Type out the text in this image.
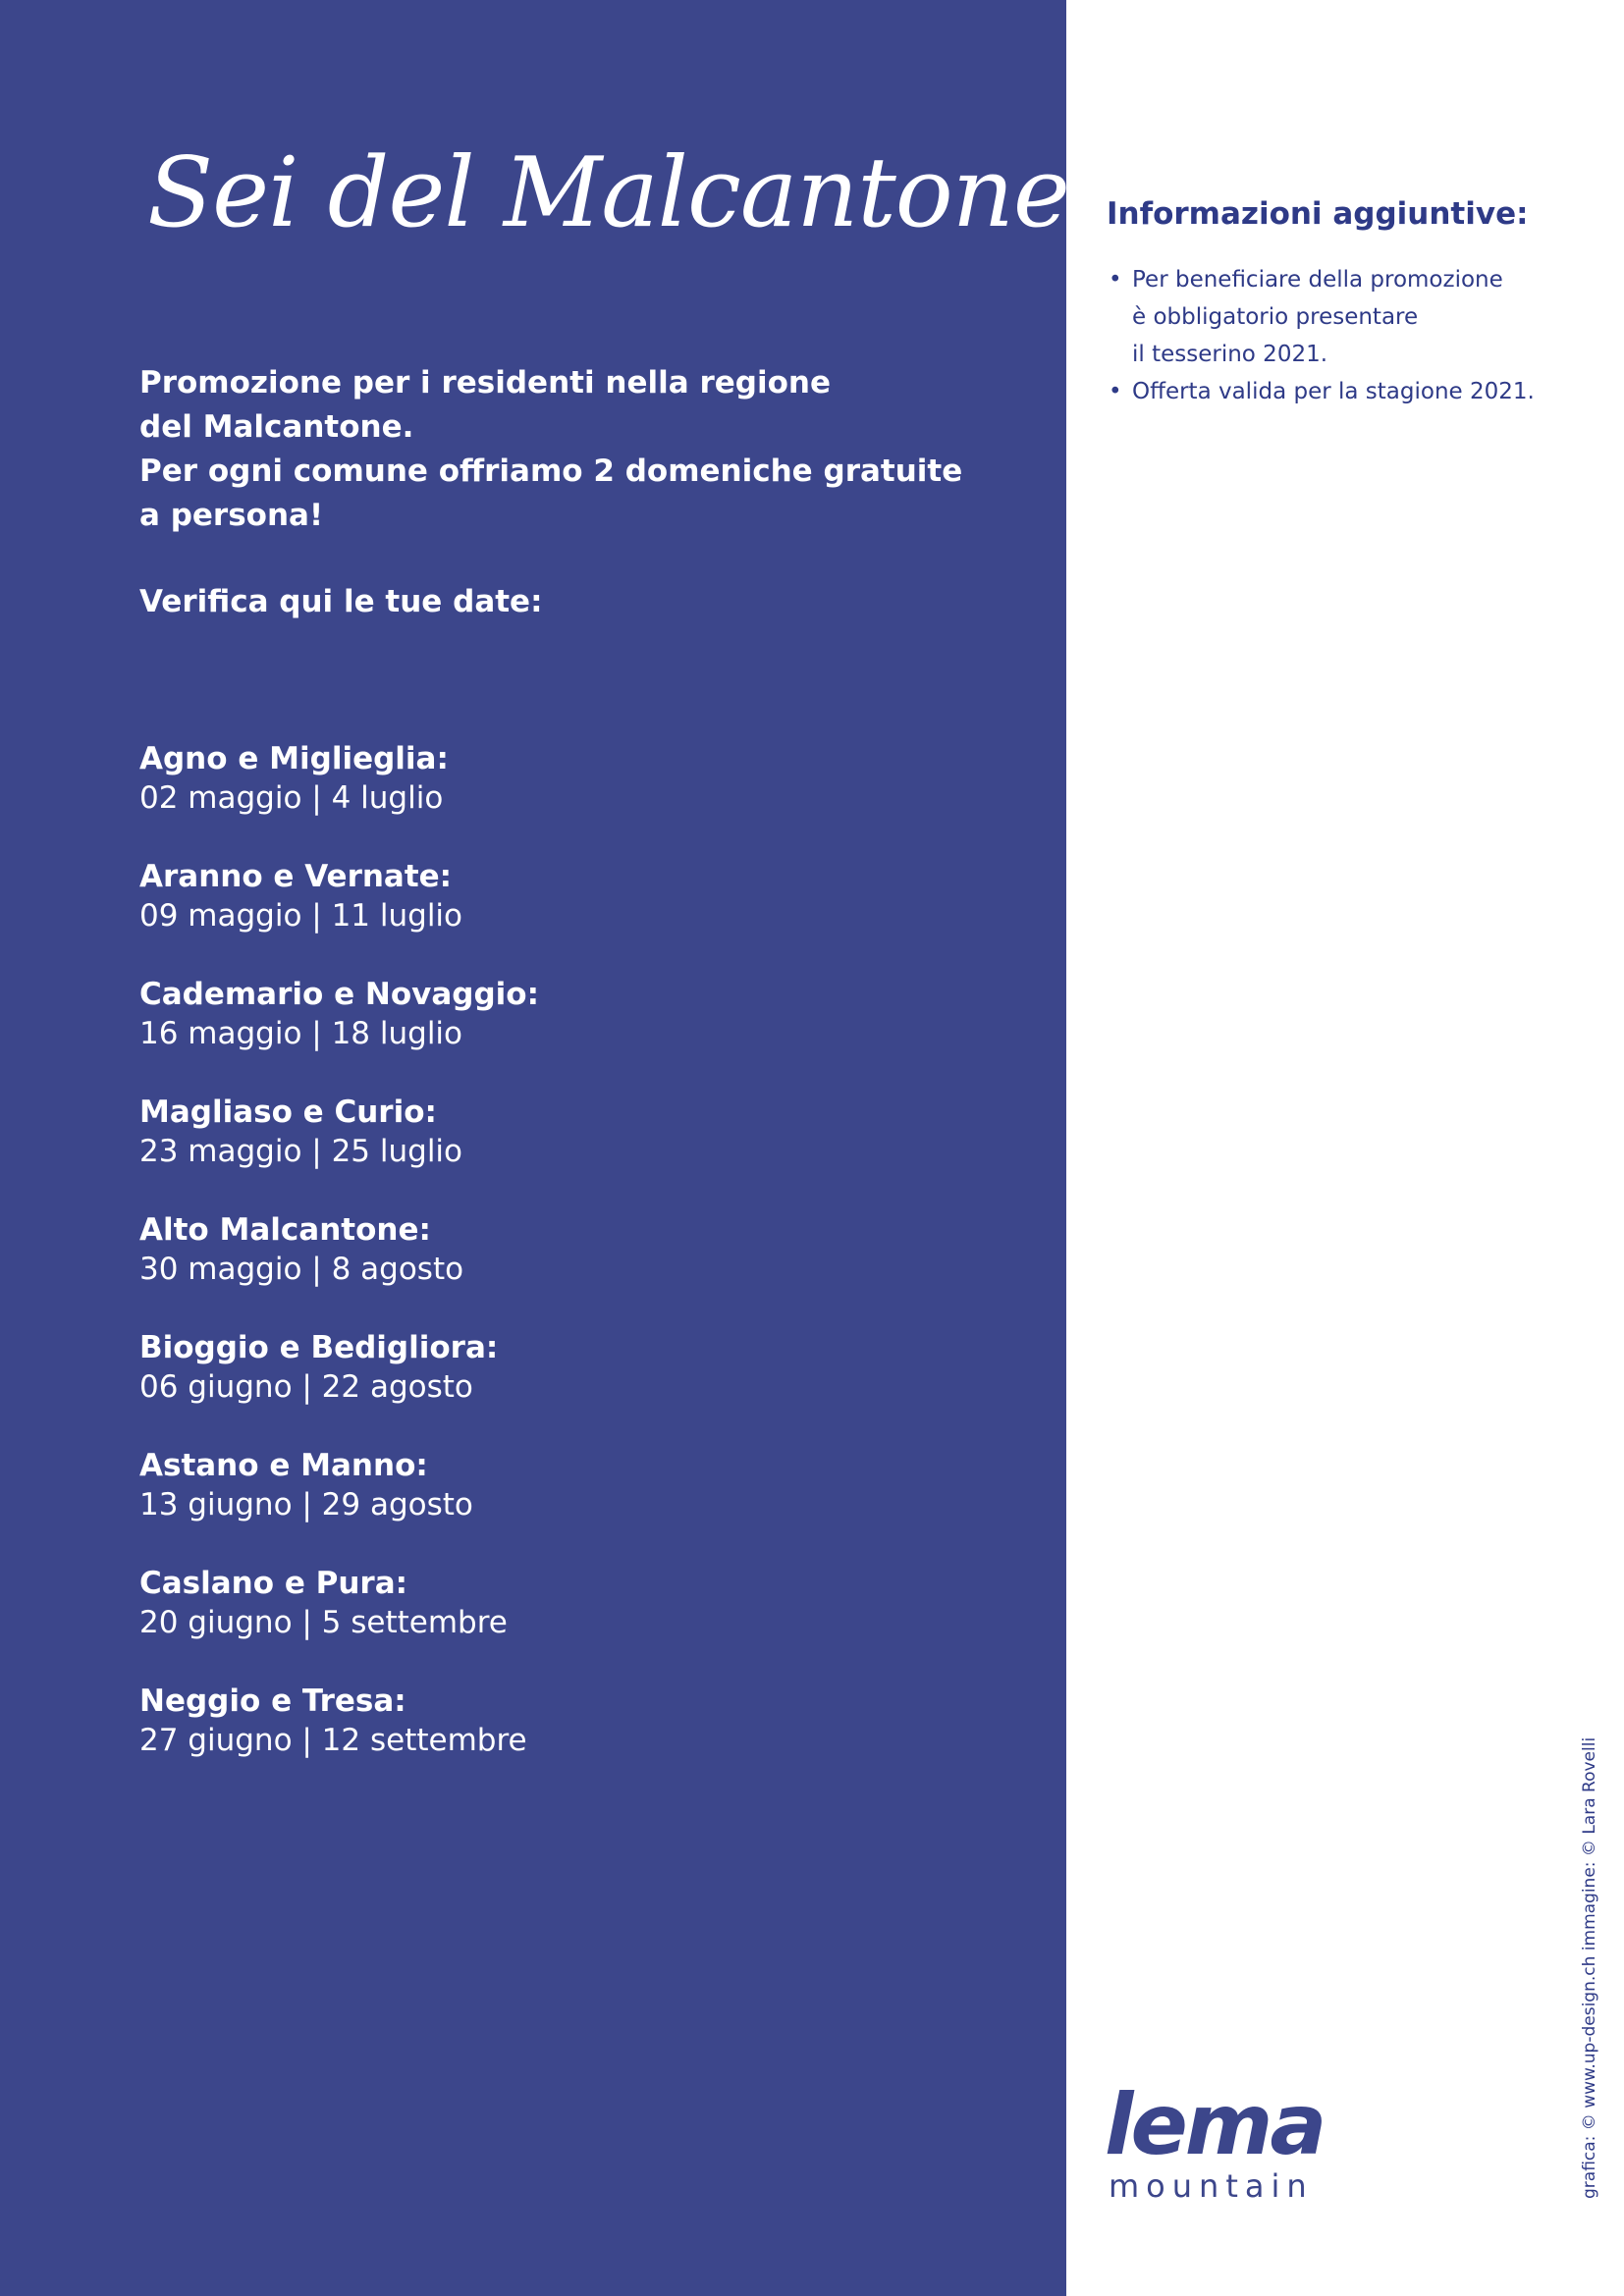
Sei del Malcantone?

Promozione per i residenti nella regione

del Malcantone.

Per ogni comune offriamo 2 domeniche gratuite

a persona!

Verifica qui le tue date:

Agno e Miglieglia:

02 maggio | 4 luglio

Aranno e Vernate:

09 maggio | 11 luglio

Cademario e Novaggio:

16 maggio | 18 luglio

Magliaso e Curio:

23 maggio | 25 luglio

Alto Malcantone:

30 maggio | 8 agosto

Bioggio e Bedigliora:

06 giugno | 22 agosto

Astano e Manno:

13 giugno | 29 agosto

Caslano e Pura:

20 giugno | 5 settembre

Neggio e Tresa:

27 giugno | 12 settembre

Informazioni aggiuntive:
• Per beneficiare della promozione
è obbligatorio presentare
il tesserino 2021.
• Offerta valida per la stagione 2021.
lema
mountain	grafica: © www.up-design.ch immagine: © Lara Rovelli
